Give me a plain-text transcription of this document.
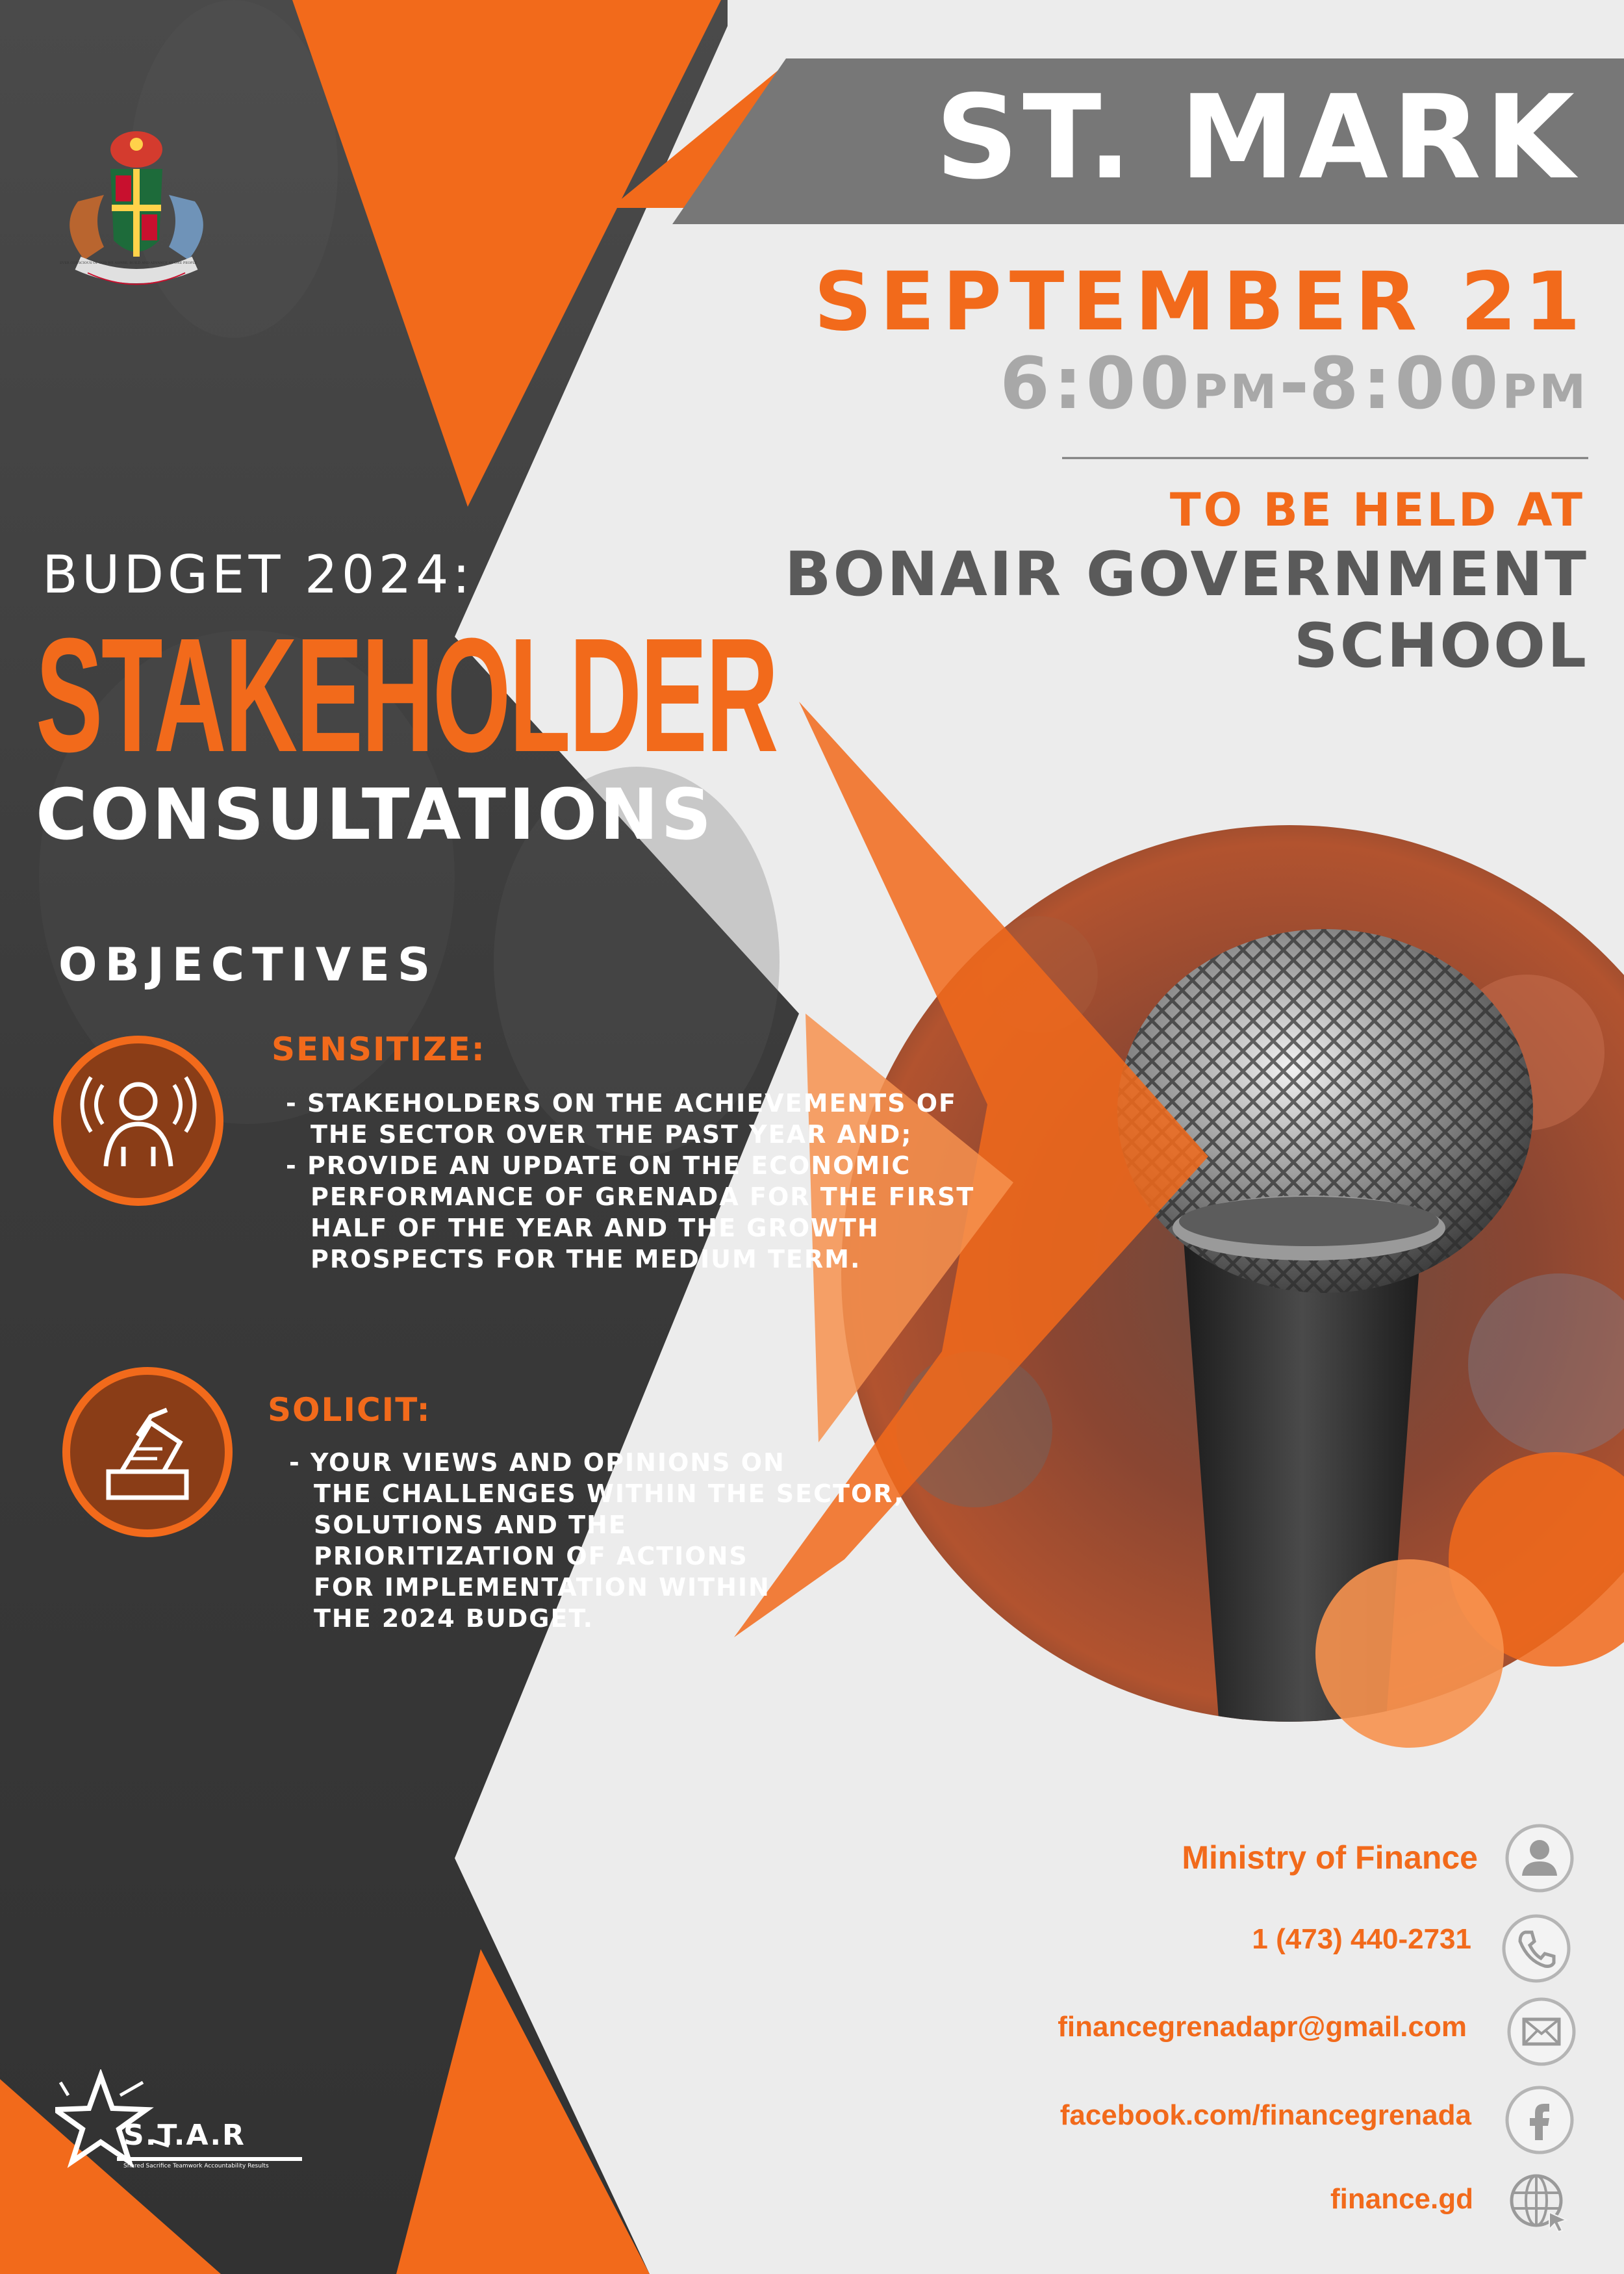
ST. MARK
SEPTEMBER 21
6:00PM-8:00PM
TO BE HELD AT
BONAIR GOVERNMENT
SCHOOL
BUDGET 2024:
STAKEHOLDER
CONSULTATIONS
OBJECTIVES
SENSITIZE:
- STAKEHOLDERS ON THE ACHIEVEMENTS OF
THE SECTOR OVER THE PAST YEAR AND;
- PROVIDE AN UPDATE ON THE ECONOMIC
PERFORMANCE OF GRENADA FOR THE FIRST
HALF OF THE YEAR AND THE GROWTH
PROSPECTS FOR THE MEDIUM TERM.
SOLICIT:
- YOUR VIEWS AND OPINIONS ON
THE CHALLENGES WITHIN THE SECTOR,
SOLUTIONS AND THE
PRIORITIZATION OF ACTIONS
FOR IMPLEMENTATION WITHIN
THE 2024 BUDGET.
Ministry of Finance
1 (473) 440-2731
financegrenadapr@gmail.com
facebook.com/financegrenada
finance.gd
S.T.A.R
Shared Sacrifice Teamwork Accountability Results
EVER CONSCIOUS OF GOD WE ASPIRE, BUILD AND ADVANCE AS ONE PEOPLE
